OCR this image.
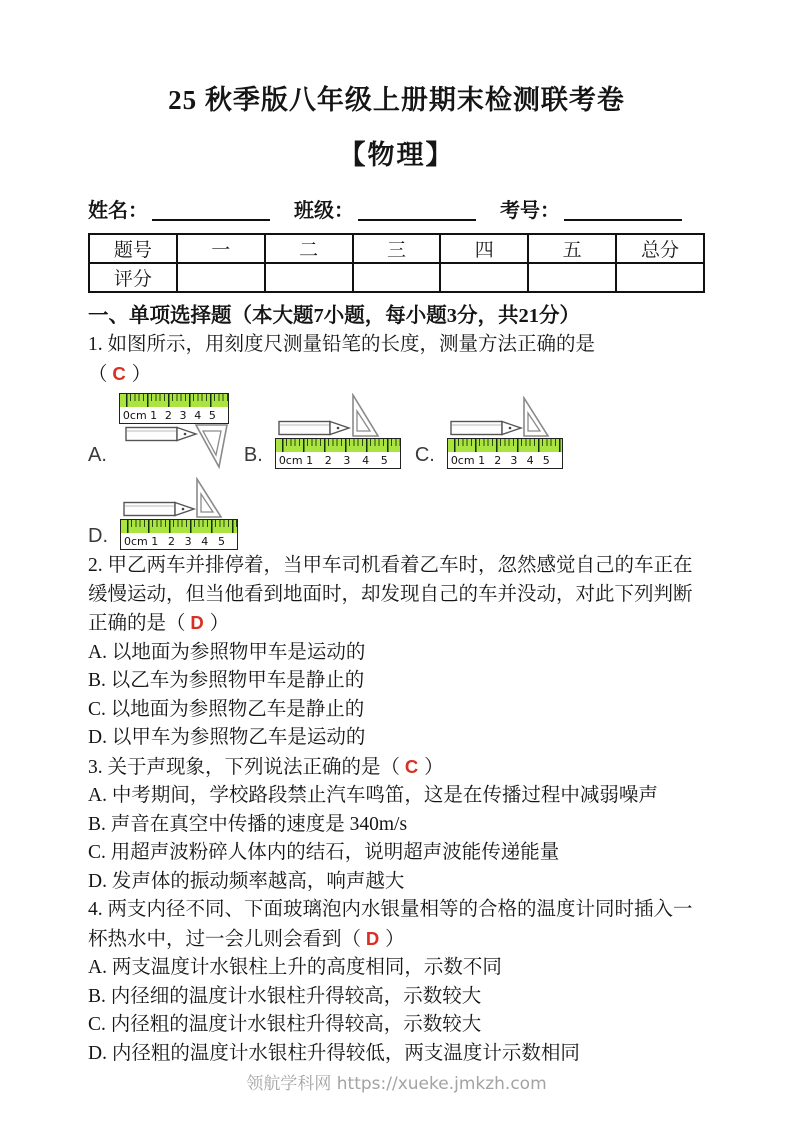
25 秋季版八年级上册期末检测联考卷
【物理】
姓名：	班级：	考号：
题号	一	二	三	四	五	总分
评分						
一、单项选择题（本大题7小题，每小题3分，共21分）
1. 如图所示，用刻度尺测量铅笔的长度，测量方法正确的是
（ C ）
A.
0cm 1 2 3 4 5
B. 0cm 1 2 3 4 5 C. 0cm 1 2 3 4 5
D. 0cm 1 2 3 4 5
2. 甲乙两车并排停着，当甲车司机看着乙车时，忽然感觉自己的车正在缓慢运动，但当他看到地面时，却发现自己的车并没动，对此下列判断正确的是（ D ）
A. 以地面为参照物甲车是运动的
B. 以乙车为参照物甲车是静止的
C. 以地面为参照物乙车是静止的
D. 以甲车为参照物乙车是运动的
3. 关于声现象，下列说法正确的是（ C ）
A. 中考期间，学校路段禁止汽车鸣笛，这是在传播过程中减弱噪声
B. 声音在真空中传播的速度是 340m/s
C. 用超声波粉碎人体内的结石，说明超声波能传递能量
D. 发声体的振动频率越高，响声越大
4. 两支内径不同、下面玻璃泡内水银量相等的合格的温度计同时插入一杯热水中，过一会儿则会看到（ D ）
A. 两支温度计水银柱上升的高度相同，示数不同
B. 内径细的温度计水银柱升得较高，示数较大
C. 内径粗的温度计水银柱升得较高，示数较大
D. 内径粗的温度计水银柱升得较低，两支温度计示数相同
领航学科网 https://xueke.jmkzh.com
